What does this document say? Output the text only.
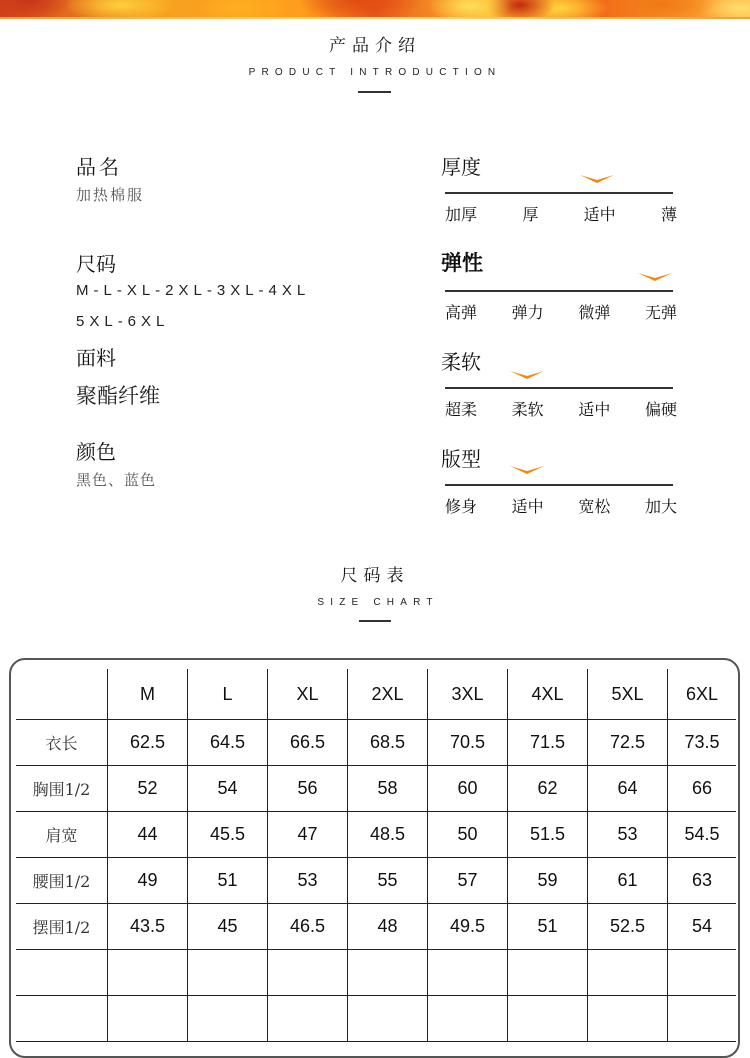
产品介绍
PRODUCT INTRODUCTION
品名
加热棉服
尺码
M-L-XL-2XL-3XL-4XL
5XL-6XL
面料
聚酯纤维
颜色
黑色、蓝色
厚度
加厚	厚	适中	薄
弹性
高弹 弹力 微弹 无弹
柔软
超柔 柔软 适中 偏硬
版型
修身 适中 宽松 加大
尺码表
SIZE CHART
	M	L	XL	2XL	3XL	4XL	5XL	6XL
衣长	62.5	64.5	66.5	68.5	70.5	71.5	72.5	73.5
胸围1/2	52	54	56	58	60	62	64	66
肩宽	44	45.5	47	48.5	50	51.5	53	54.5
腰围1/2	49	51	53	55	57	59	61	63
摆围1/2	43.5	45	46.5	48	49.5	51	52.5	54
